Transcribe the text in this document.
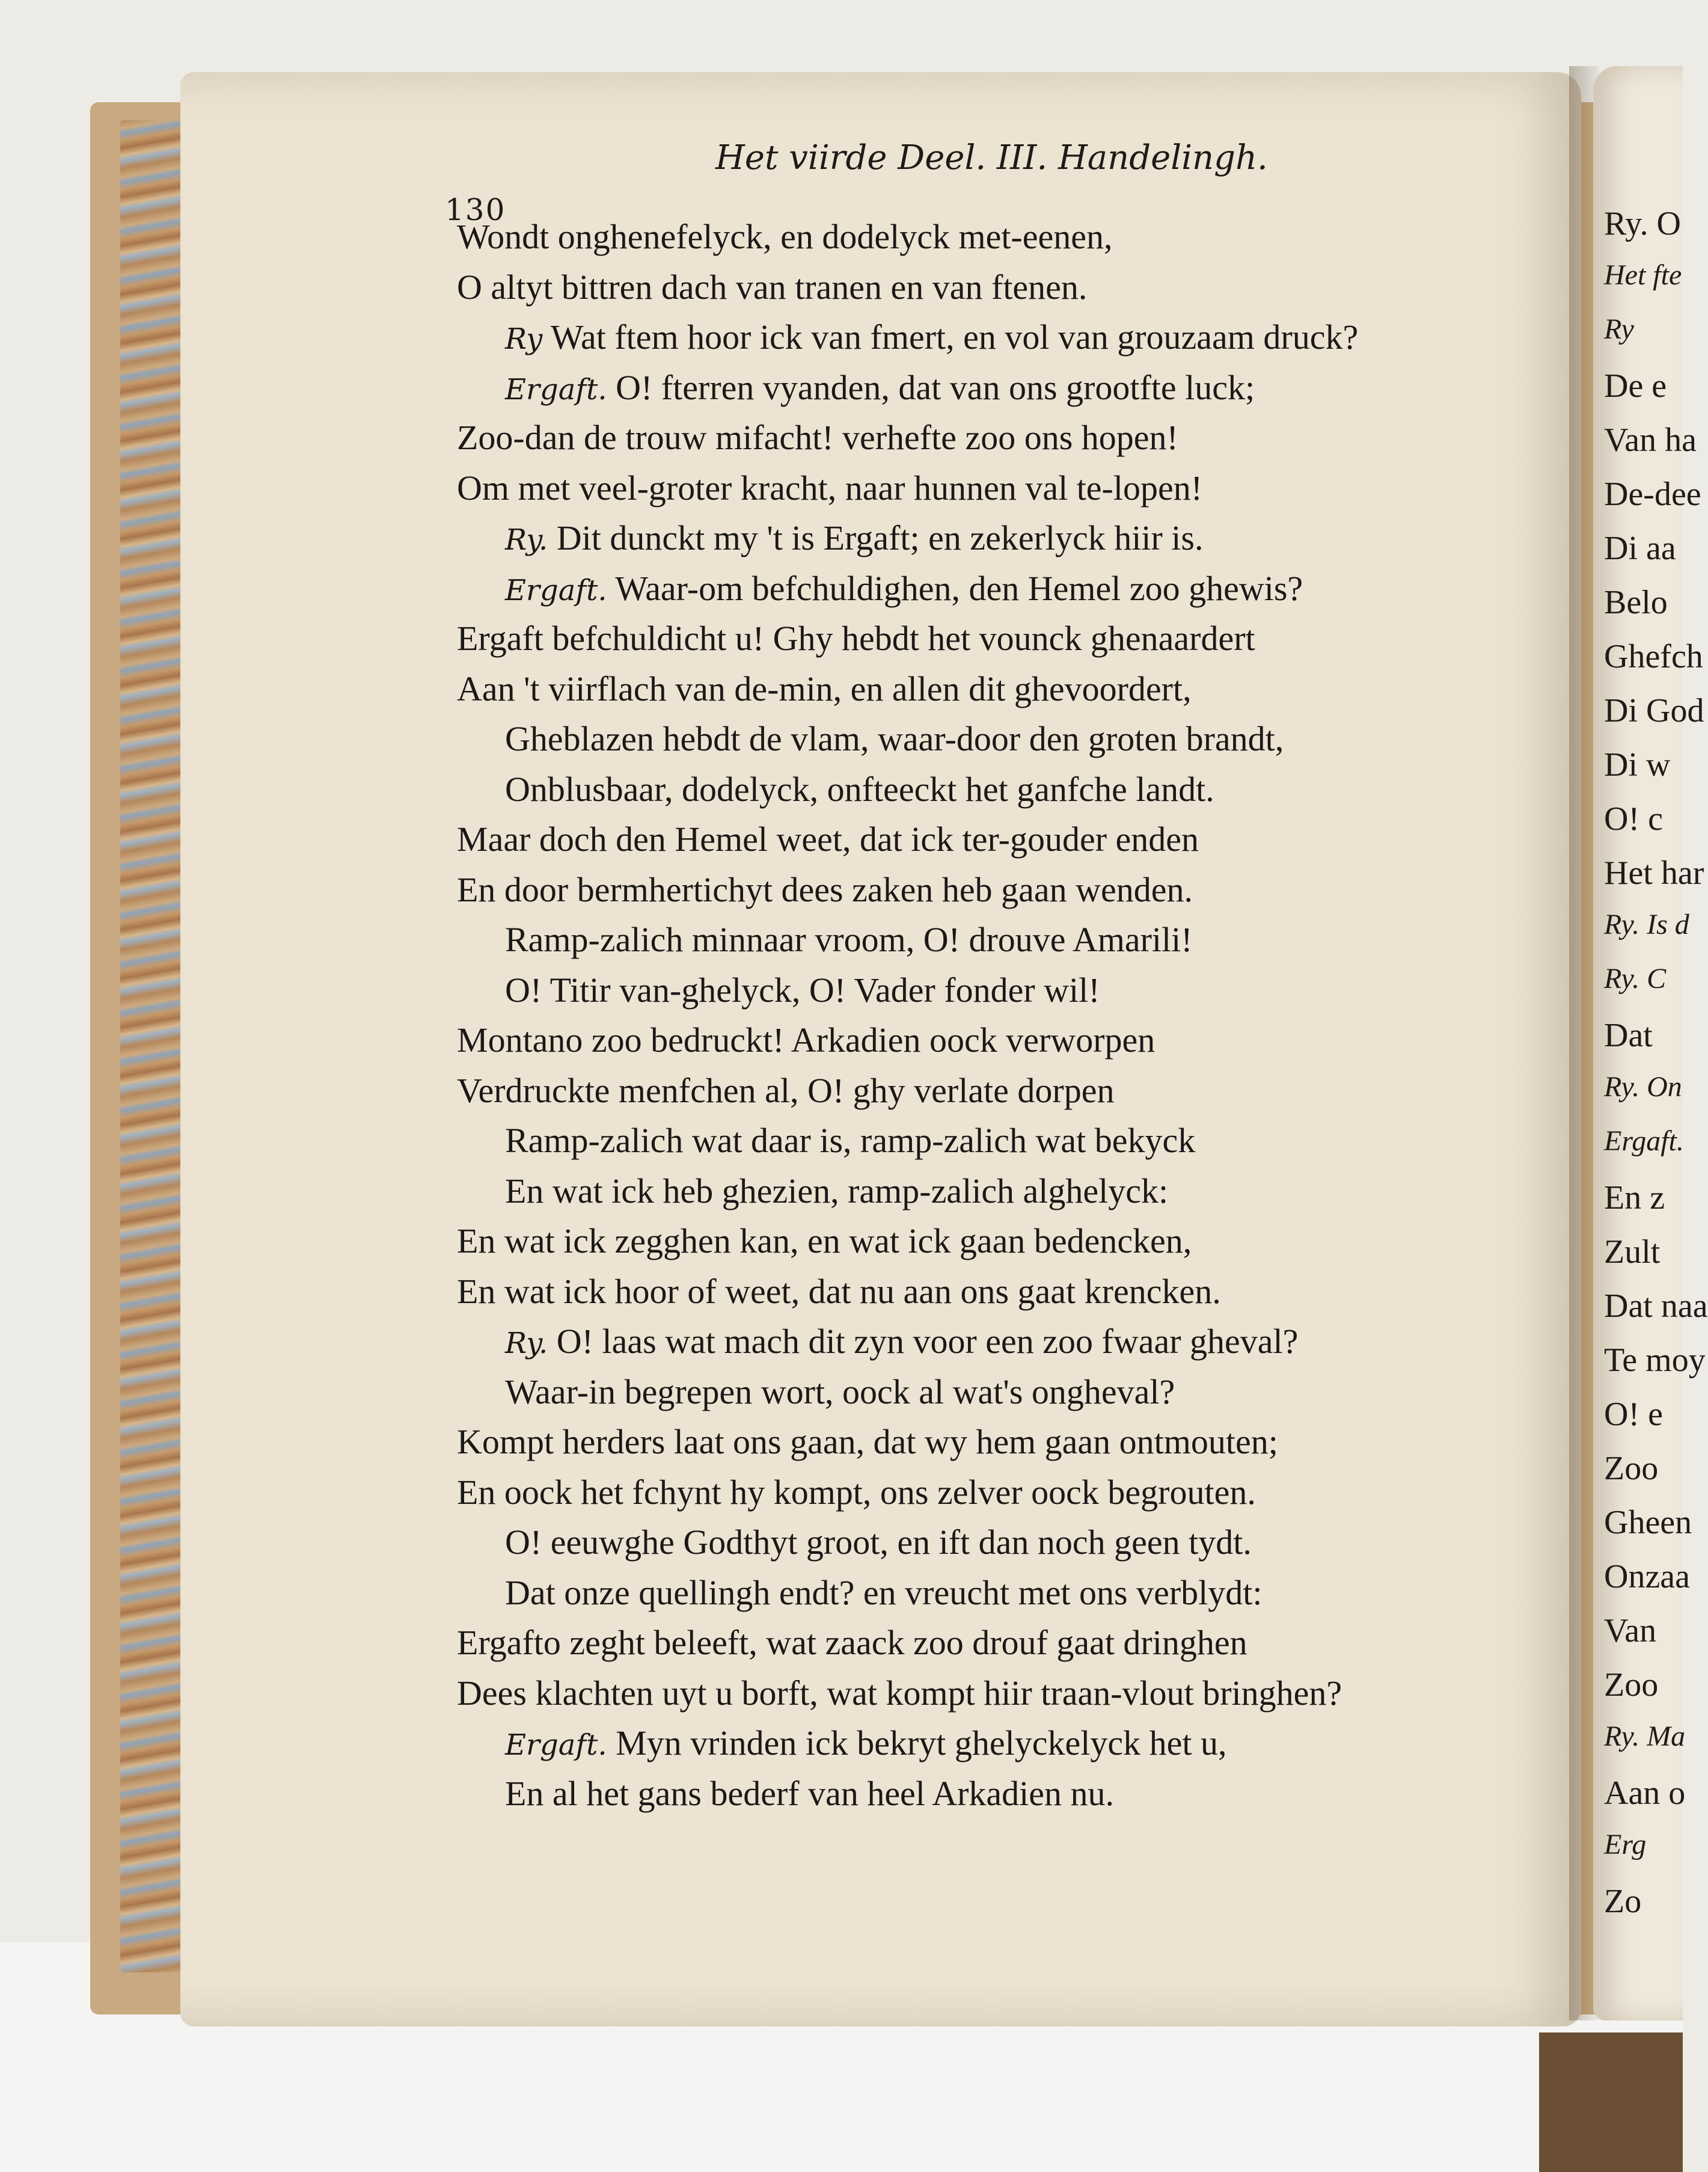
Ry. O
Het fte
Ry
De e
Van ha
De-dee
Di aa
Belo
Ghefch
Di God
Di w
O! c
Het har
Ry. Is d
Ry. C
Dat
Ry. On
Ergaft.
En z
Zult
Dat naa
Te moy
O! e
Zoo
Gheen
Onzaa
Van
Zoo
Ry. Ma
Aan o
Erg
Zo
Het viirde Deel. III. Handelingh.
130
Wondt onghenefelyck, en dodelyck met-eenen,
O altyt bittren dach van tranen en van ftenen.
Ry Wat ftem hoor ick van fmert, en vol van grouzaam druck?
Ergaft. O! fterren vyanden, dat van ons grootfte luck;
Zoo-dan de trouw mifacht! verhefte zoo ons hopen!
Om met veel-groter kracht, naar hunnen val te-lopen!
Ry. Dit dunckt my 't is Ergaft; en zekerlyck hiir is.
Ergaft. Waar-om befchuldighen, den Hemel zoo ghewis?
Ergaft befchuldicht u! Ghy hebdt het vounck ghenaardert
Aan 't viirflach van de-min, en allen dit ghevoordert,
Gheblazen hebdt de vlam, waar-door den groten brandt,
Onblusbaar, dodelyck, onfteeckt het ganfche landt.
Maar doch den Hemel weet, dat ick ter-gouder enden
En door bermhertichyt dees zaken heb gaan wenden.
Ramp-zalich minnaar vroom, O! drouve Amarili!
O! Titir van-ghelyck, O! Vader fonder wil!
Montano zoo bedruckt! Arkadien oock verworpen
Verdruckte menfchen al, O! ghy verlate dorpen
Ramp-zalich wat daar is, ramp-zalich wat bekyck
En wat ick heb ghezien, ramp-zalich alghelyck:
En wat ick zegghen kan, en wat ick gaan bedencken,
En wat ick hoor of weet, dat nu aan ons gaat krencken.
Ry. O! laas wat mach dit zyn voor een zoo fwaar gheval?
Waar-in begrepen wort, oock al wat's ongheval?
Kompt herders laat ons gaan, dat wy hem gaan ontmouten;
En oock het fchynt hy kompt, ons zelver oock begrouten.
O! eeuwghe Godthyt groot, en ift dan noch geen tydt.
Dat onze quellingh endt? en vreucht met ons verblydt:
Ergafto zeght beleeft, wat zaack zoo drouf gaat dringhen
Dees klachten uyt u borft, wat kompt hiir traan-vlout bringhen?
Ergaft. Myn vrinden ick bekryt ghelyckelyck het u,
En al het gans bederf van heel Arkadien nu.
